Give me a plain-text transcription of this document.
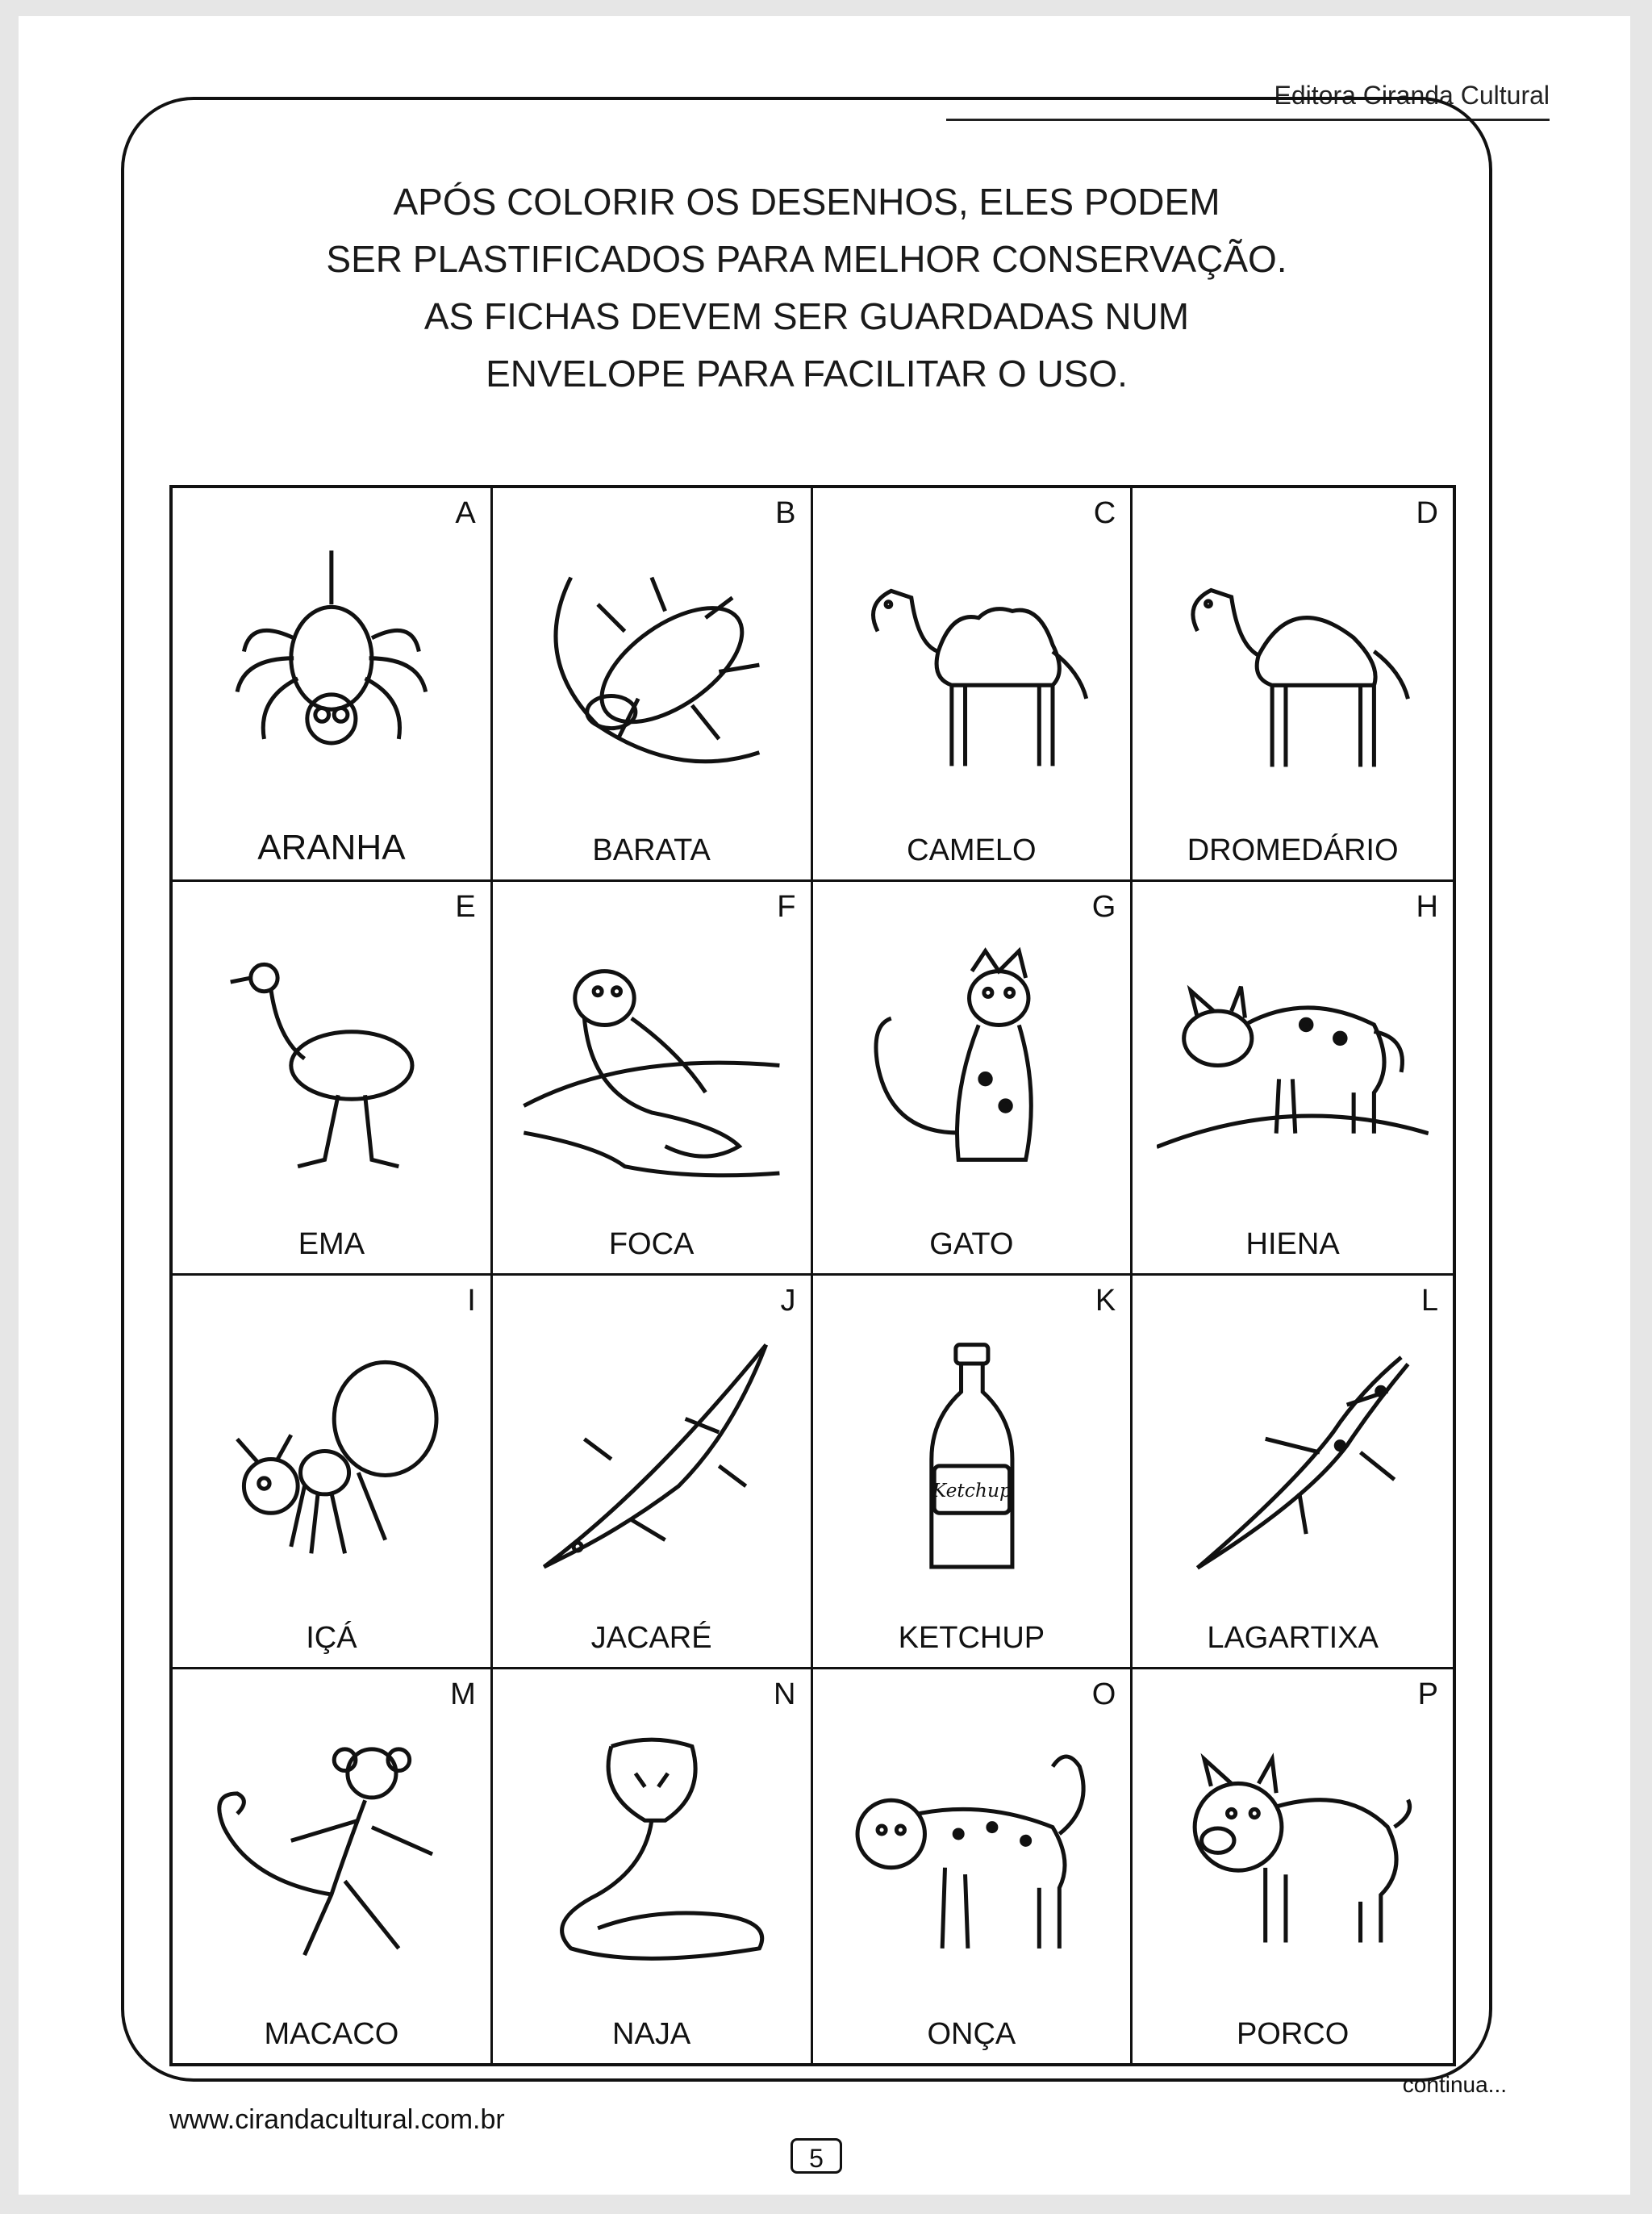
Editora Ciranda Cultural
APÓS COLORIR OS DESENHOS, ELES PODEM
SER PLASTIFICADOS PARA MELHOR CONSERVAÇÃO.
AS FICHAS DEVEM SER GUARDADAS NUM
ENVELOPE PARA FACILITAR O USO.
A
ARANHA
B
BARATA
C
CAMELO
D
DROMEDÁRIO
E
EMA
F
FOCA
G
GATO
H
HIENA
I
IÇÁ
J
JACARÉ
K
Ketchup
KETCHUP
L
LAGARTIXA
M
MACACO
N
NAJA
O
ONÇA
P
PORCO
continua...
www.cirandacultural.com.br
5
